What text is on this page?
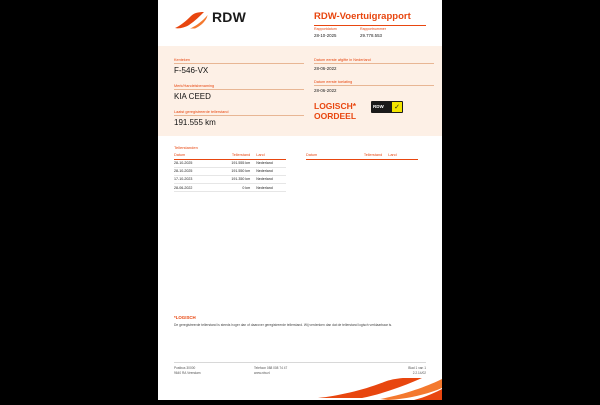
RDW	RDW-Voertuigrapport
Rapportdatum	Rapportnummer
28-10-2025	29.778.553
Kenteken
F-546-VX
Merk/Handelsbenaming
KIA CEED
Laatst geregistreerde tellerstand
191.555 km
Datum eerste afgifte in Nederland
28-06-2022
Datum eerste toelating
28-06-2022
LOGISCH*
OORDEEL
RDW ✓
Tellerstanden
Datum	Tellerstand	Land
28-10-2025	191.555 km	Nederland
28-10-2025	191.550 km	Nederland
17-10-2023	191.350 km	Nederland
28-06-2022	0 km	Nederland
Datum	Tellerstand	Land
*LOGISCH
De geregistreerde tellerstand is steeds hoger dan of daarover geregistreerde tellerstand. Wij verdenken dan dat de tellerstand logisch verklaarbaar is.
Postbus 30000
9640 RA Veendam
Telefoon 088 008 74 47
www.rdw.nl
Blad 1 van 1
2.2.14/02
